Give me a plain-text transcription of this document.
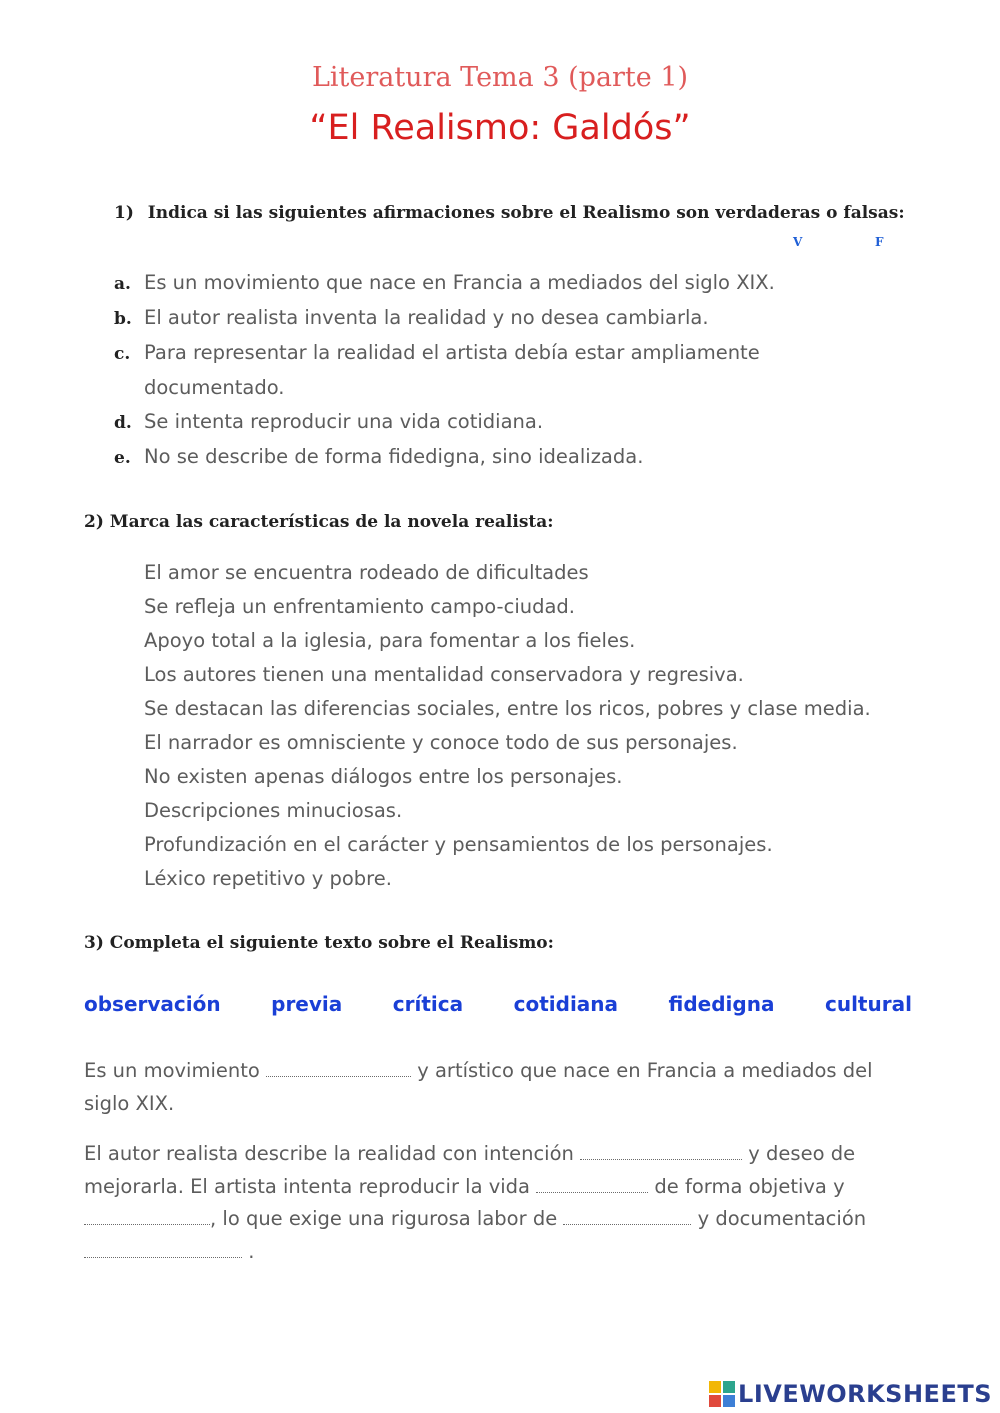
Literatura Tema 3 (parte 1)
“El Realismo: Galdós”
1) Indica si las siguientes afirmaciones sobre el Realismo son verdaderas o falsas:
V	F
a. Es un movimiento que nace en Francia a mediados del siglo XIX.
b. El autor realista inventa la realidad y no desea cambiarla.
c. Para representar la realidad el artista debía estar ampliamente
documentado.
d. Se intenta reproducir una vida cotidiana.
e. No se describe de forma fidedigna, sino idealizada.
2) Marca las características de la novela realista:
El amor se encuentra rodeado de dificultades
Se refleja un enfrentamiento campo-ciudad.
Apoyo total a la iglesia, para fomentar a los fieles.
Los autores tienen una mentalidad conservadora y regresiva.
Se destacan las diferencias sociales, entre los ricos, pobres y clase media.
El narrador es omnisciente y conoce todo de sus personajes.
No existen apenas diálogos entre los personajes.
Descripciones minuciosas.
Profundización en el carácter y pensamientos de los personajes.
Léxico repetitivo y pobre.
3) Completa el siguiente texto sobre el Realismo:
observación	previa	crítica	cotidiana	fidedigna	cultural
Es un movimiento	y artístico que nace en Francia a mediados del
siglo XIX.
El autor realista describe la realidad con intención	y deseo de
mejorarla. El artista intenta reproducir la vida	de forma objetiva y
, lo que exige una rigurosa labor de	y documentación
.
LIVEWORKSHEETS
